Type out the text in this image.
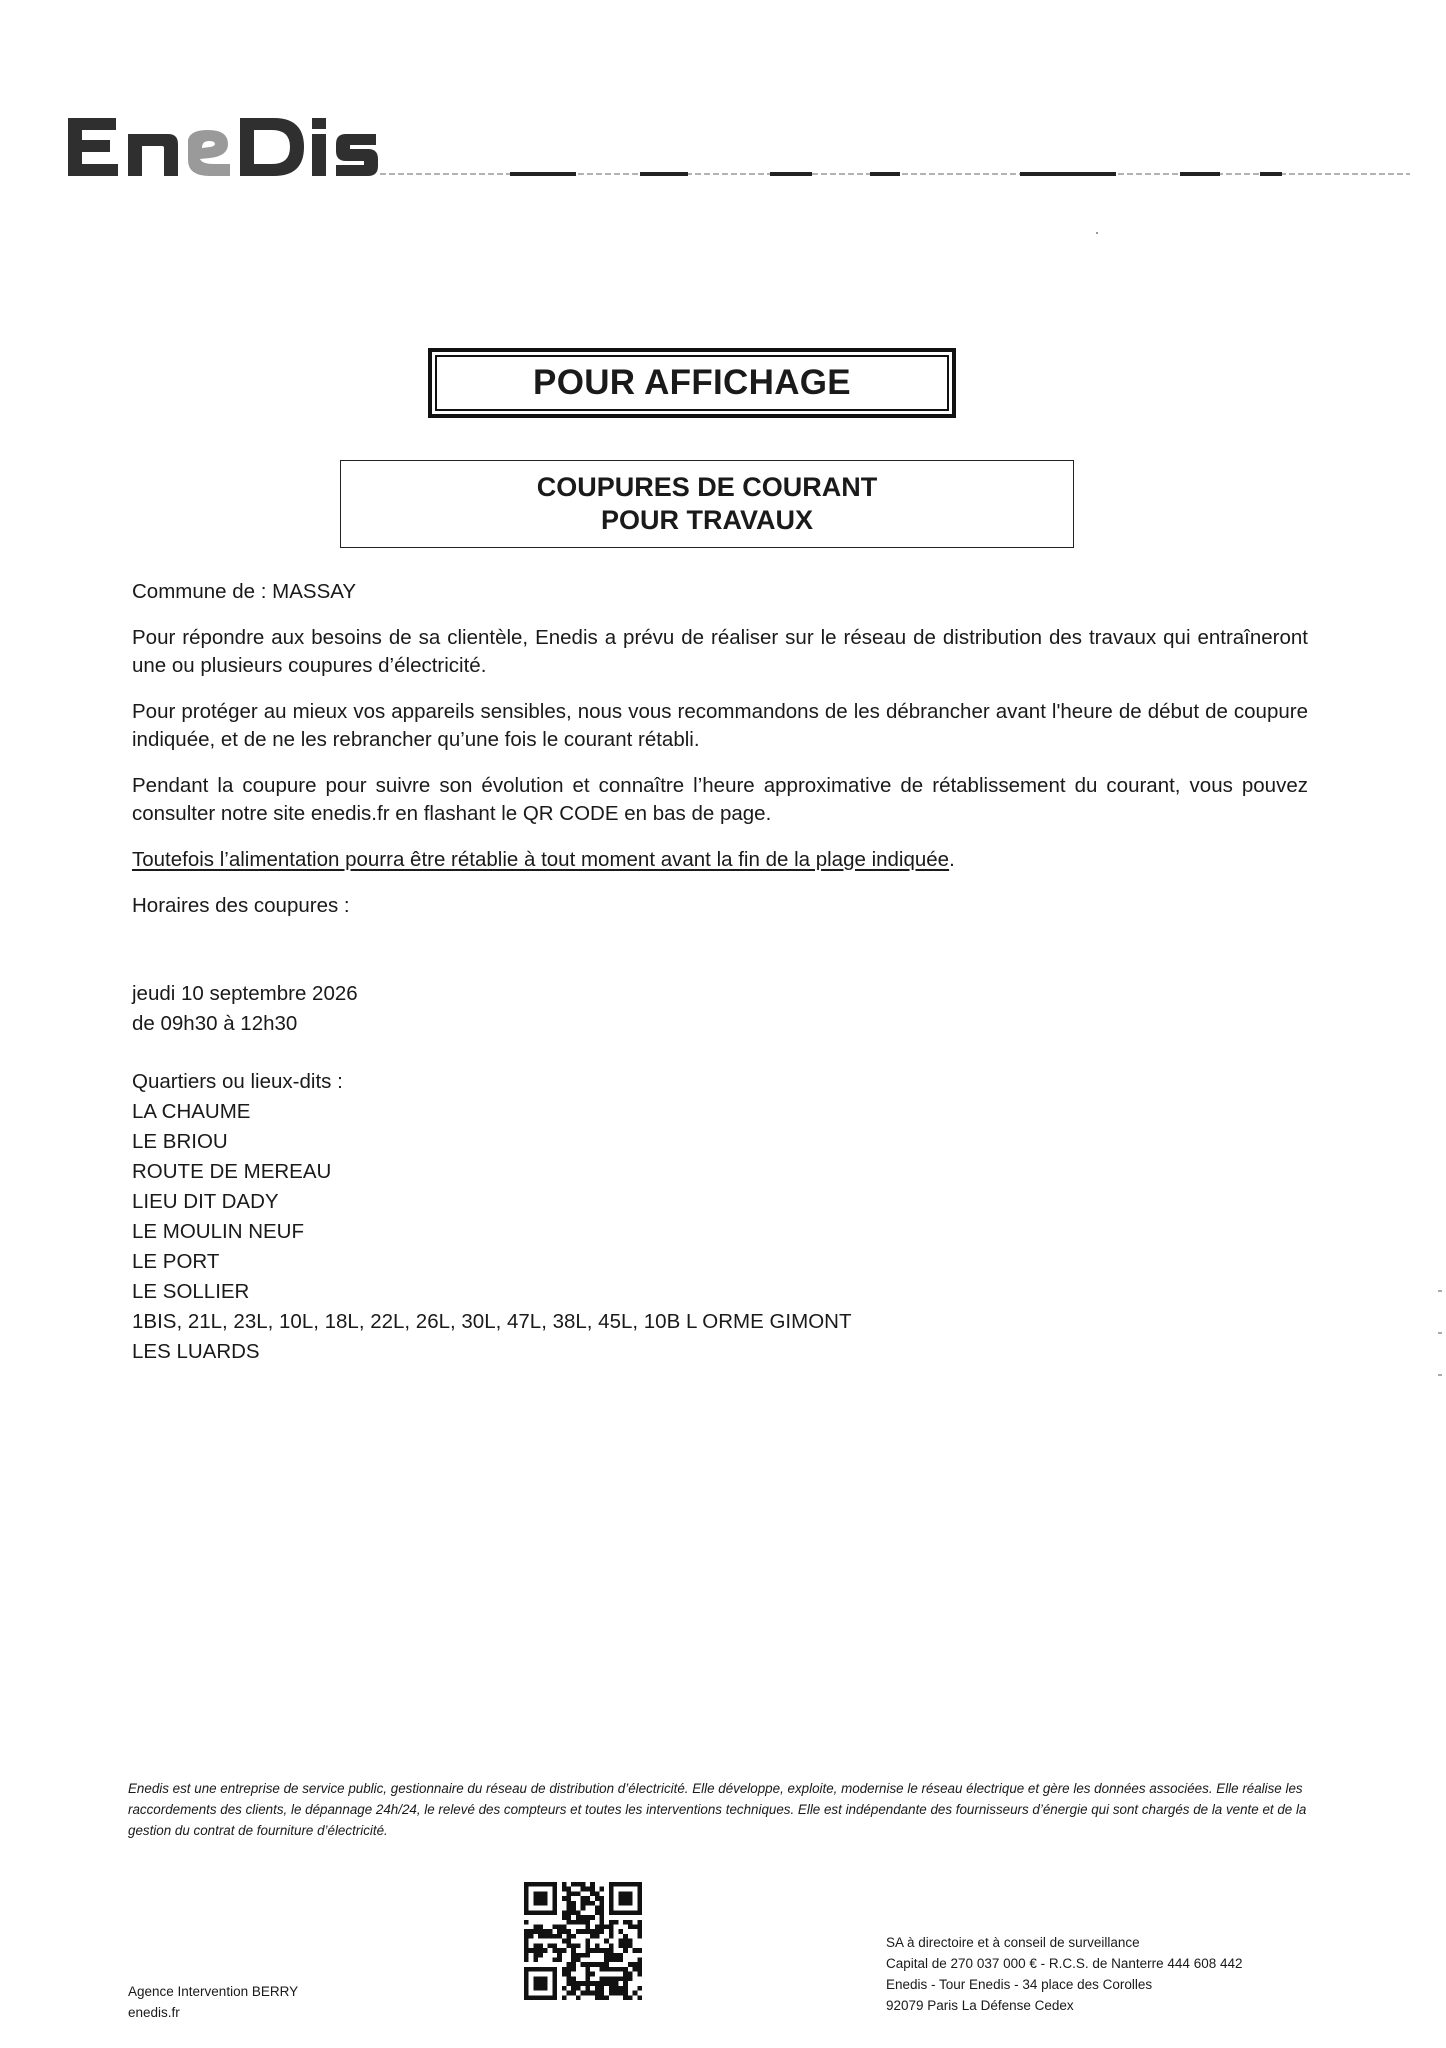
POUR AFFICHAGE
COUPURES DE COURANT
POUR TRAVAUX

Commune de : MASSAY

Pour répondre aux besoins de sa clientèle, Enedis a prévu de réaliser sur le réseau de distribution des travaux qui entraîneront une ou plusieurs coupures d’électricité.

Pour protéger au mieux vos appareils sensibles, nous vous recommandons de les débrancher avant l'heure de début de coupure indiquée, et de ne les rebrancher qu’une fois le courant rétabli.

Pendant la coupure pour suivre son évolution et connaître l’heure approximative de rétablissement du courant, vous pouvez consulter notre site enedis.fr en flashant le QR CODE en bas de page.

Toutefois l’alimentation pourra être rétablie à tout moment avant la fin de la plage indiquée.

Horaires des coupures :

jeudi 10 septembre 2026
de 09h30 à 12h30
Quartiers ou lieux-dits :
LA CHAUME
LE BRIOU
ROUTE DE MEREAU
LIEU DIT DADY
LE MOULIN NEUF
LE PORT
LE SOLLIER
1BIS, 21L, 23L, 10L, 18L, 22L, 26L, 30L, 47L, 38L, 45L, 10B L ORME GIMONT
LES LUARDS
Enedis est une entreprise de service public, gestionnaire du réseau de distribution d’électricité. Elle développe, exploite, modernise le réseau électrique et gère les données associées. Elle réalise les raccordements des clients, le dépannage 24h/24, le relevé des compteurs et toutes les interventions techniques. Elle est indépendante des fournisseurs d’énergie qui sont chargés de la vente et de la gestion du contrat de fourniture d’électricité.
Agence Intervention BERRY
enedis.fr
SA à directoire et à conseil de surveillance
Capital de 270 037 000 € - R.C.S. de Nanterre 444 608 442
Enedis - Tour Enedis - 34 place des Corolles
92079 Paris La Défense Cedex
